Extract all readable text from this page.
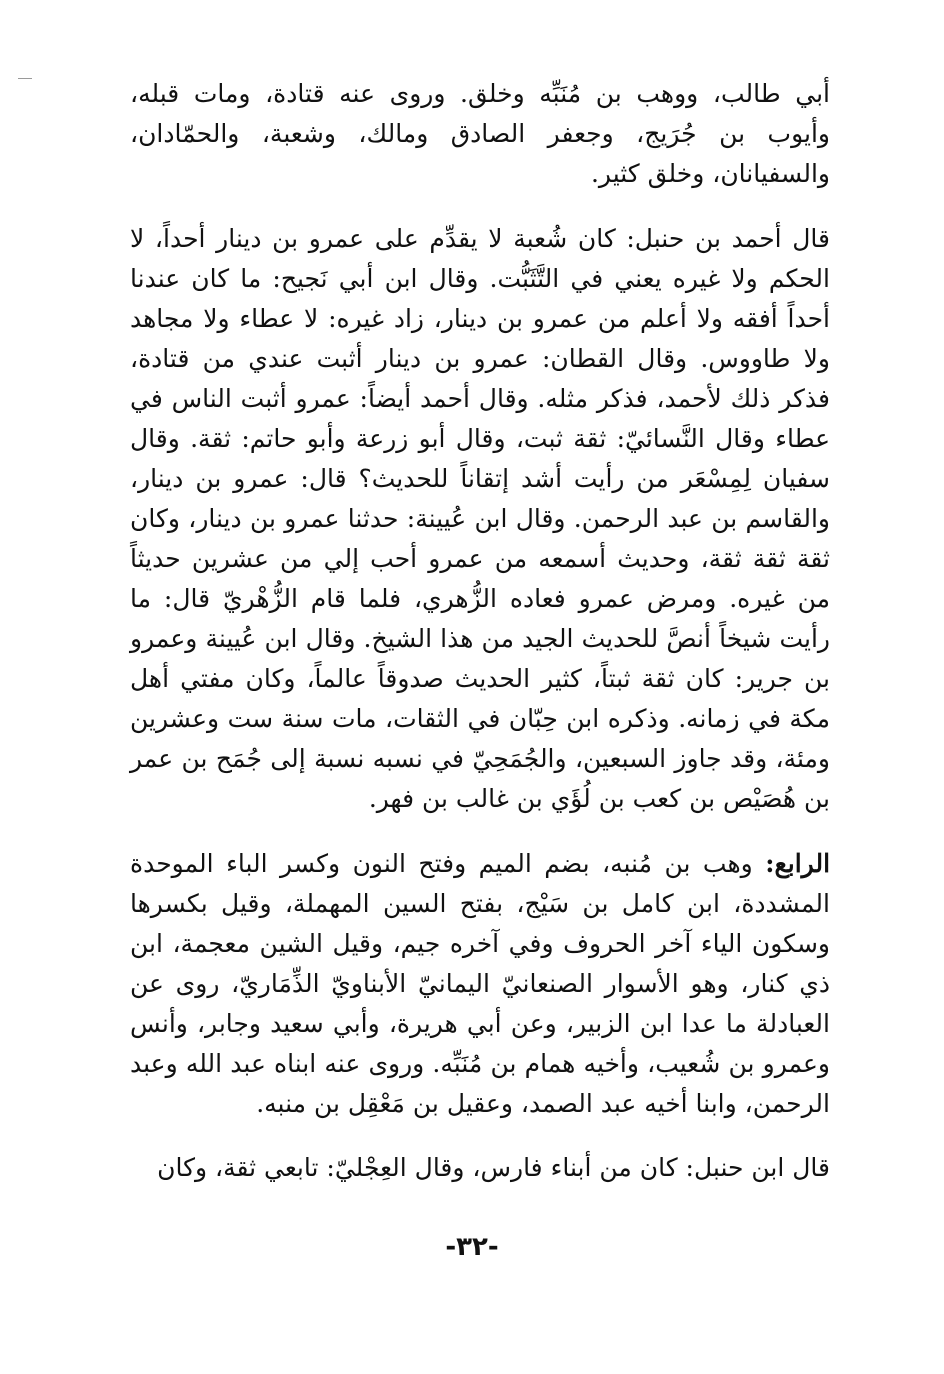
أبي طالب، ووهب بن مُنَبِّه وخلق. وروى عنه قتادة، ومات قبله، وأيوب بن جُرَيج، وجعفر الصادق ومالك، وشعبة، والحمّادان، والسفيانان، وخلق كثير.

قال أحمد بن حنبل: كان شُعبة لا يقدِّم على عمرو بن دينار أحداً، لا الحكم ولا غيره يعني في التَّثَبُّت. وقال ابن أبي نَجيح: ما كان عندنا أحداً أفقه ولا أعلم من عمرو بن دينار، زاد غيره: لا عطاء ولا مجاهد ولا طاووس. وقال القطان: عمرو بن دينار أثبت عندي من قتادة، فذكر ذلك لأحمد، فذكر مثله. وقال أحمد أيضاً: عمرو أثبت الناس في عطاء وقال النَّسائيّ: ثقة ثبت، وقال أبو زرعة وأبو حاتم: ثقة. وقال سفيان لِمِسْعَر من رأيت أشد إتقاناً للحديث؟ قال: عمرو بن دينار، والقاسم بن عبد الرحمن. وقال ابن عُيينة: حدثنا عمرو بن دينار، وكان ثقة ثقة ثقة، وحديث أسمعه من عمرو أحب إلي من عشرين حديثاً من غيره. ومرض عمرو فعاده الزُّهري، فلما قام الزُّهْريّ قال: ما رأيت شيخاً أنصَّ للحديث الجيد من هذا الشيخ. وقال ابن عُيينة وعمرو بن جرير: كان ثقة ثبتاً، كثير الحديث صدوقاً عالماً، وكان مفتي أهل مكة في زمانه. وذكره ابن حِبّان في الثقات، مات سنة ست وعشرين ومئة، وقد جاوز السبعين، والجُمَحِيّ في نسبه نسبة إلى جُمَح بن عمر بن هُصَيْص بن كعب بن لُؤَي بن غالب بن فهر.

الرابع: وهب بن مُنبه، بضم الميم وفتح النون وكسر الباء الموحدة المشددة، ابن كامل بن سَيْج، بفتح السين المهملة، وقيل بكسرها وسكون الياء آخر الحروف وفي آخره جيم، وقيل الشين معجمة، ابن ذي كنار، وهو الأسوار الصنعانيّ اليمانيّ الأبناويّ الذِّمَاريّ، روى عن العبادلة ما عدا ابن الزبير، وعن أبي هريرة، وأبي سعيد وجابر، وأنس وعمرو بن شُعيب، وأخيه همام بن مُنَبِّه. وروى عنه ابناه عبد الله وعبد الرحمن، وابنا أخيه عبد الصمد، وعقيل بن مَعْقِل بن منبه.

قال ابن حنبل: كان من أبناء فارس، وقال العِجْليّ: تابعي ثقة، وكان

-٣٢-
